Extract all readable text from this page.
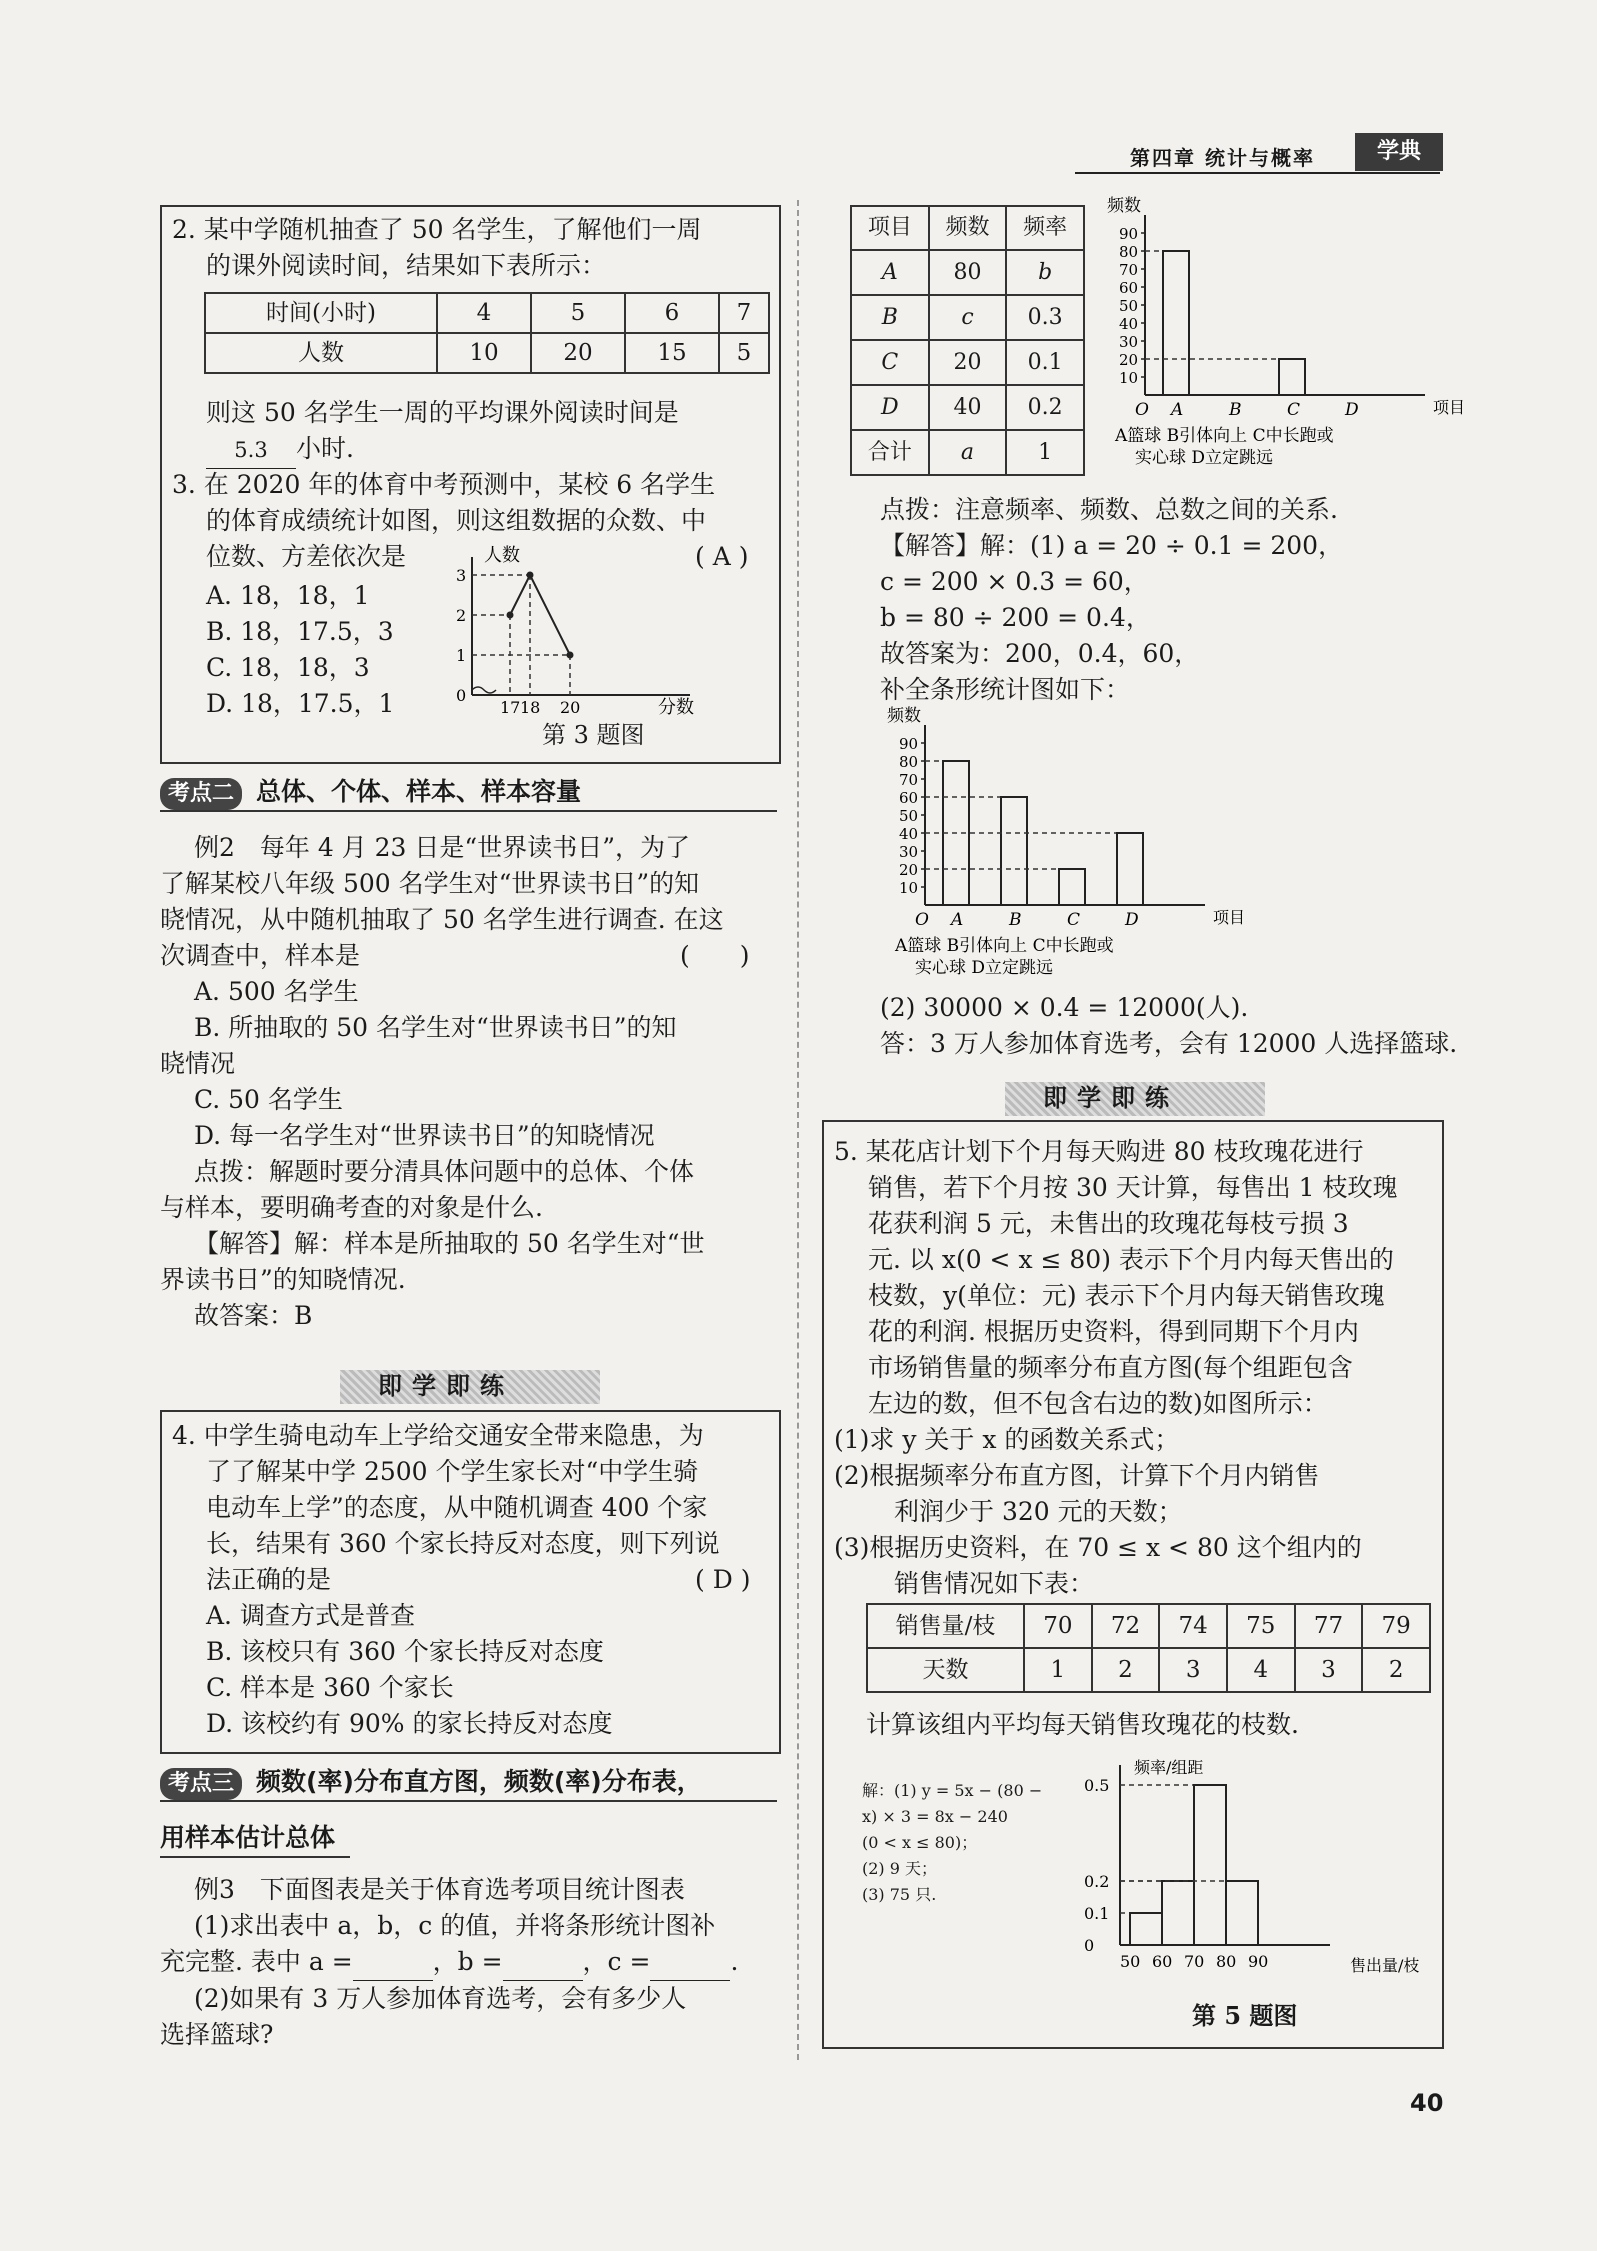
第四章 统计与概率	学典

2. 某中学随机抽查了 50 名学生，了解他们一周

的课外阅读时间，结果如下表所示：

时间(小时)	4	5	6	7
人数	10	20	15	5

则这 50 名学生一周的平均课外阅读时间是

5.3 小时.

3. 在 2020 年的体育中考预测中，某校 6 名学生

的体育成绩统计如图，则这组数据的众数、中

位数、方差依次是	( A )

A. 18，18，1

B. 18，17.5，3

C. 18，18，3

D. 18，17.5，1

人数
分数
0
1
2
3
17 18 20
第 3 题图
考点二 总体、个体、样本、样本容量

例2　每年 4 月 23 日是“世界读书日”，为了

了解某校八年级 500 名学生对“世界读书日”的知

晓情况，从中随机抽取了 50 名学生进行调查. 在这

次调查中，样本是

A. 500 名学生

B. 所抽取的 50 名学生对“世界读书日”的知

晓情况

C. 50 名学生

D. 每一名学生对“世界读书日”的知晓情况

点拨：解题时要分清具体问题中的总体、个体

与样本，要明确考查的对象是什么.

【解答】解：样本是所抽取的 50 名学生对“世

界读书日”的知晓情况.

故答案：B

(　　)
即学即练

4. 中学生骑电动车上学给交通安全带来隐患，为

了了解某中学 2500 个学生家长对“中学生骑

电动车上学”的态度，从中随机调查 400 个家

长，结果有 360 个家长持反对态度，则下列说

法正确的是

A. 调查方式是普查

B. 该校只有 360 个家长持反对态度

C. 样本是 360 个家长

D. 该校约有 90% 的家长持反对态度

( D )
考点三 频数(率)分布直方图，频数(率)分布表，
用样本估计总体

例3　下面图表是关于体育选考项目统计图表

(1)求出表中 a，b，c 的值，并将条形统计图补

充完整. 表中 a =	，b =	，c =	.

(2)如果有 3 万人参加体育选考，会有多少人

选择篮球?

项目	频数	频率
A	80	b
B	c	0.3
C	20	0.1
D	40	0.2
合计	a	1
频数
项目
O
10
20
30
40
50
60
70
80
90
A	B	C	D
A篮球 B引体向上 C中长跑或
实心球 D立定跳远
点拨：注意频率、频数、总数之间的关系.

【解答】解：(1) a = 20 ÷ 0.1 = 200，

c = 200 × 0.3 = 60，

b = 80 ÷ 200 = 0.4，

故答案为：200，0.4，60，

补全条形统计图如下：

频数
项目
O
10
20
30
40
50
60
70
80
90
A	B	C	D
A篮球 B引体向上 C中长跑或
实心球 D立定跳远

(2) 30000 × 0.4 = 12000(人).

答：3 万人参加体育选考，会有 12000 人选择篮球.

即学即练

5. 某花店计划下个月每天购进 80 枝玫瑰花进行

销售，若下个月按 30 天计算，每售出 1 枝玫瑰

花获利润 5 元，未售出的玫瑰花每枝亏损 3

元. 以 x(0 < x ≤ 80) 表示下个月内每天售出的

枝数，y(单位：元) 表示下个月内每天销售玫瑰

花的利润. 根据历史资料，得到同期下个月内

市场销售量的频率分布直方图(每个组距包含

左边的数，但不包含右边的数)如图所示：

(1)求 y 关于 x 的函数关系式；

(2)根据频率分布直方图，计算下个月内销售

利润少于 320 元的天数；

(3)根据历史资料，在 70 ≤ x < 80 这个组内的

销售情况如下表：

销售量/枝	70	72	74	75	77	79
天数	1	2	3	4	3	2
计算该组内平均每天销售玫瑰花的枝数.

解：(1) y = 5x − (80 −

x) × 3 = 8x − 240

(0 < x ≤ 80)；

(2) 9 天；

(3) 75 只.

频率/组距
售出量/枝
0
0.1
0.2
0.5
50 60 70 80 90
第 5 题图
40
